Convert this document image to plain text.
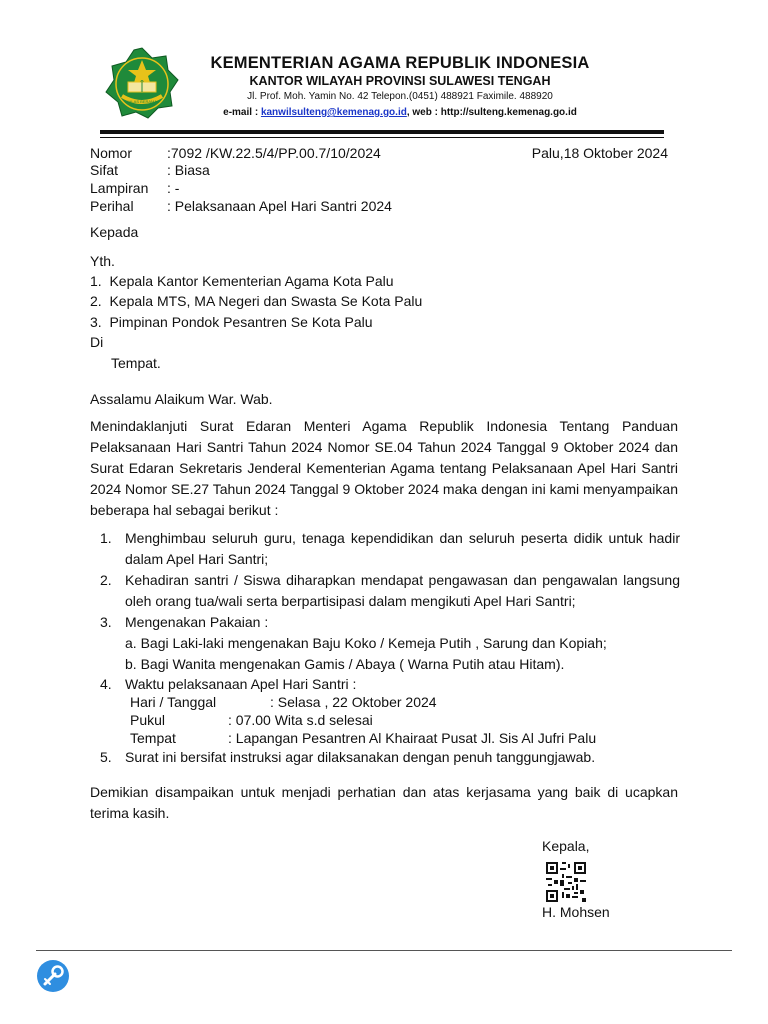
IKHLAS BERAMAL
KEMENTERIAN AGAMA REPUBLIK INDONESIA
KANTOR WILAYAH PROVINSI SULAWESI TENGAH
Jl. Prof. Moh. Yamin No. 42 Telepon.(0451) 488921 Faximile. 488920
e-mail : kanwilsulteng@kemenag.go.id, web : http://sulteng.kemenag.go.id
Nomor :7092 /KW.22.5/4/PP.00.7/10/2024	Palu,18 Oktober 2024
Sifat	: Biasa
Lampiran : -
Perihal : Pelaksanaan Apel Hari Santri 2024
Kepada
Yth.
1. Kepala Kantor Kementerian Agama Kota Palu
2. Kepala MTS, MA Negeri dan Swasta Se Kota Palu
3. Pimpinan Pondok Pesantren Se Kota Palu
Di
Tempat.
Assalamu Alaikum War. Wab.
Menindaklanjuti Surat Edaran Menteri Agama Republik Indonesia Tentang Panduan Pelaksanaan Hari Santri Tahun 2024 Nomor SE.04 Tahun 2024 Tanggal 9 Oktober 2024 dan Surat Edaran Sekretaris Jenderal Kementerian Agama tentang Pelaksanaan Apel Hari Santri 2024 Nomor SE.27 Tahun 2024 Tanggal 9 Oktober 2024 maka dengan ini kami menyampaikan beberapa hal sebagai berikut :
1. Menghimbau seluruh guru, tenaga kependidikan dan seluruh peserta didik untuk hadir dalam Apel Hari Santri;
2. Kehadiran santri / Siswa diharapkan mendapat pengawasan dan pengawalan langsung oleh orang tua/wali serta berpartisipasi dalam mengikuti Apel Hari Santri;
3. Mengenakan Pakaian :
a. Bagi Laki-laki mengenakan Baju Koko / Kemeja Putih , Sarung dan Kopiah;
b. Bagi Wanita mengenakan Gamis / Abaya ( Warna Putih atau Hitam).
4. Waktu pelaksanaan Apel Hari Santri :
Hari / Tanggal	: Selasa , 22 Oktober 2024
Pukul	: 07.00 Wita s.d selesai
Tempat	: Lapangan Pesantren Al Khairaat Pusat Jl. Sis Al Jufri Palu
5. Surat ini bersifat instruksi agar dilaksanakan dengan penuh tanggungjawab.
Demikian disampaikan untuk menjadi perhatian dan atas kerjasama yang baik di ucapkan terima kasih.
Kepala,
H. Mohsen
